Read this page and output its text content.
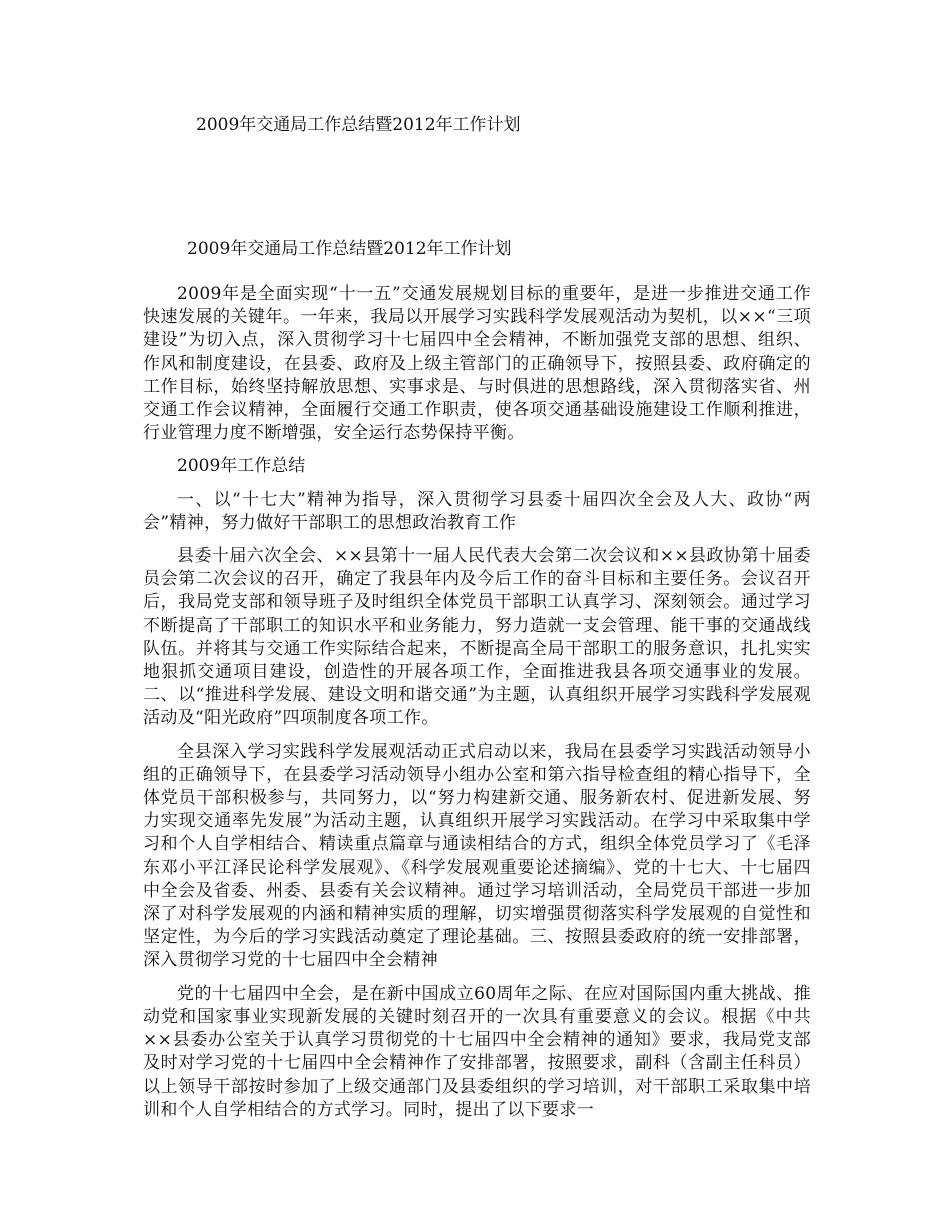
2009年交通局工作总结暨2012年工作计划
2009年交通局工作总结暨2012年工作计划

2009年是全面实现“十一五”交通发展规划目标的重要年，是进一步推进交通工作快速发展的关键年。一年来，我局以开展学习实践科学发展观活动为契机，以××“三项建设”为切入点，深入贯彻学习十七届四中全会精神，不断加强党支部的思想、组织、作风和制度建设，在县委、政府及上级主管部门的正确领导下，按照县委、政府确定的工作目标，始终坚持解放思想、实事求是、与时俱进的思想路线，深入贯彻落实省、州交通工作会议精神，全面履行交通工作职责，使各项交通基础设施建设工作顺利推进，行业管理力度不断增强，安全运行态势保持平衡。

2009年工作总结

一、以“十七大”精神为指导，深入贯彻学习县委十届四次全会及人大、政协“两会”精神，努力做好干部职工的思想政治教育工作

县委十届六次全会、××县第十一届人民代表大会第二次会议和××县政协第十届委员会第二次会议的召开，确定了我县年内及今后工作的奋斗目标和主要任务。会议召开后，我局党支部和领导班子及时组织全体党员干部职工认真学习、深刻领会。通过学习不断提高了干部职工的知识水平和业务能力，努力造就一支会管理、能干事的交通战线队伍。并将其与交通工作实际结合起来，不断提高全局干部职工的服务意识，扎扎实实地狠抓交通项目建设，创造性的开展各项工作，全面推进我县各项交通事业的发展。二、以“推进科学发展、建设文明和谐交通”为主题，认真组织开展学习实践科学发展观活动及“阳光政府”四项制度各项工作。

全县深入学习实践科学发展观活动正式启动以来，我局在县委学习实践活动领导小组的正确领导下，在县委学习活动领导小组办公室和第六指导检查组的精心指导下，全体党员干部积极参与，共同努力，以“努力构建新交通、服务新农村、促进新发展、努力实现交通率先发展”为活动主题，认真组织开展学习实践活动。在学习中采取集中学习和个人自学相结合、精读重点篇章与通读相结合的方式，组织全体党员学习了《毛泽东邓小平江泽民论科学发展观》、《科学发展观重要论述摘编》、党的十七大、十七届四中全会及省委、州委、县委有关会议精神。通过学习培训活动，全局党员干部进一步加深了对科学发展观的内涵和精神实质的理解，切实增强贯彻落实科学发展观的自觉性和坚定性，为今后的学习实践活动奠定了理论基础。三、按照县委政府的统一安排部署，深入贯彻学习党的十七届四中全会精神

党的十七届四中全会，是在新中国成立60周年之际、在应对国际国内重大挑战、推动党和国家事业实现新发展的关键时刻召开的一次具有重要意义的会议。根据《中共××县委办公室关于认真学习贯彻党的十七届四中全会精神的通知》要求，我局党支部及时对学习党的十七届四中全会精神作了安排部署，按照要求，副科（含副主任科员）以上领导干部按时参加了上级交通部门及县委组织的学习培训，对干部职工采取集中培训和个人自学相结合的方式学习。同时，提出了以下要求一
